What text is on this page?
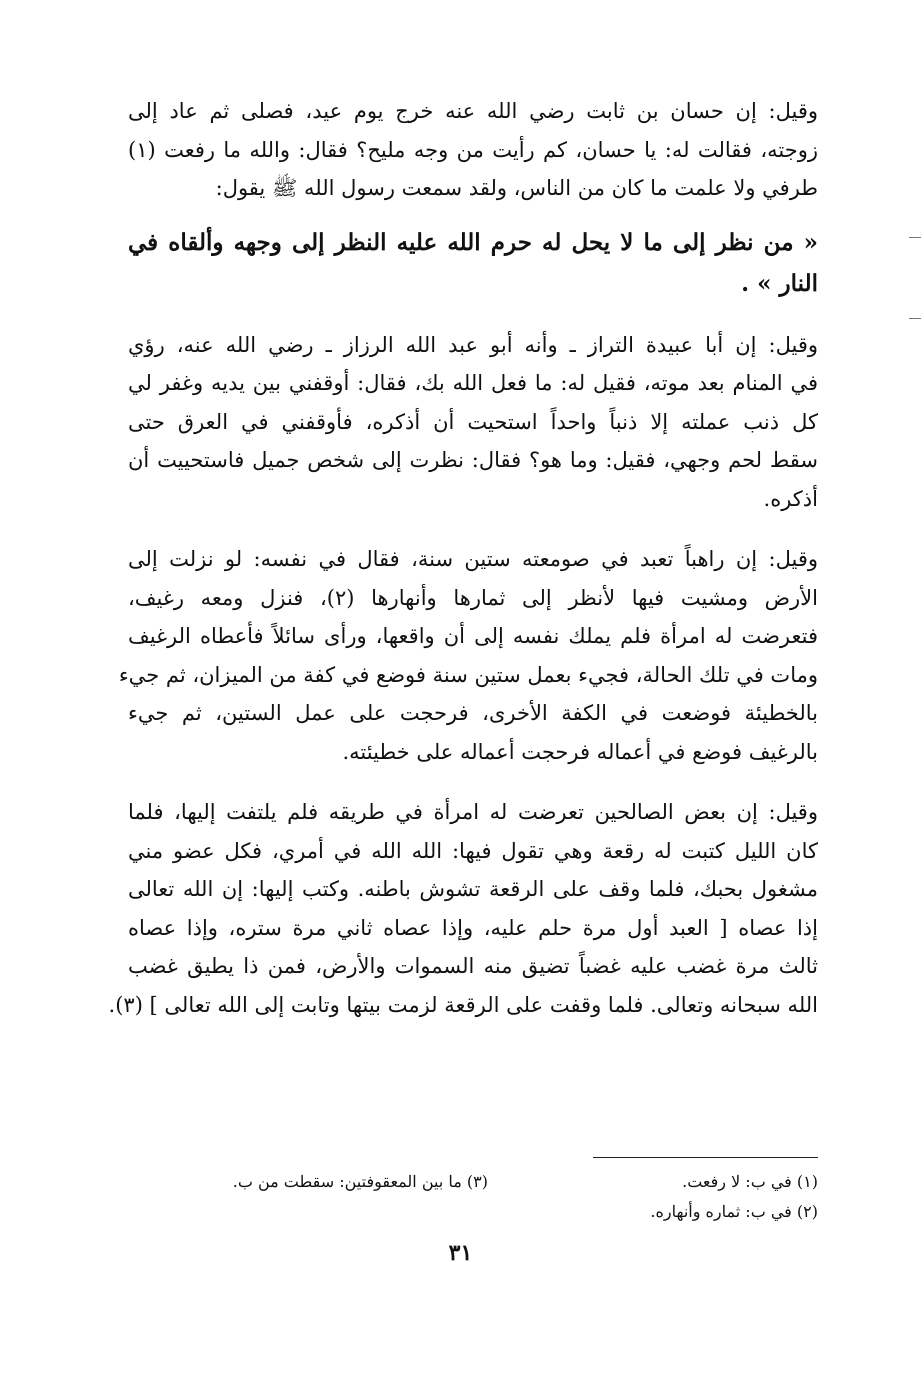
وقيل: إن حسان بن ثابت رضي الله عنه خرج يوم عيد، فصلى ثم عاد إلى
زوجته، فقالت له: يا حسان، كم رأيت من وجه مليح؟ فقال: والله ما رفعت (١)
طرفي ولا علمت ما كان من الناس، ولقد سمعت رسول الله ﷺ يقول:

« من نظر إلى ما لا يحل له حرم الله عليه النظر إلى وجهه وألقاه في
النار » .

وقيل: إن أبا عبيدة التراز ـ وأنه أبو عبد الله الرزاز ـ رضي الله عنه، رؤي
في المنام بعد موته، فقيل له: ما فعل الله بك، فقال: أوقفني بين يديه وغفر لي
كل ذنب عملته إلا ذنباً واحداً استحيت أن أذكره، فأوقفني في العرق حتى
سقط لحم وجهي، فقيل: وما هو؟ فقال: نظرت إلى شخص جميل فاستحييت أن
أذكره.

وقيل: إن راهباً تعبد في صومعته ستين سنة، فقال في نفسه: لو نزلت إلى
الأرض ومشيت فيها لأنظر إلى ثمارها وأنهارها (٢)، فنزل ومعه رغيف،
فتعرضت له امرأة فلم يملك نفسه إلى أن واقعها، ورأى سائلاً فأعطاه الرغيف
ومات في تلك الحالة، فجيء بعمل ستين سنة فوضع في كفة من الميزان، ثم جيء
بالخطيئة فوضعت في الكفة الأخرى، فرحجت على عمل الستين، ثم جيء
بالرغيف فوضع في أعماله فرحجت أعماله على خطيئته.

وقيل: إن بعض الصالحين تعرضت له امرأة في طريقه فلم يلتفت إليها، فلما
كان الليل كتبت له رقعة وهي تقول فيها: الله الله في أمري، فكل عضو مني
مشغول بحبك، فلما وقف على الرقعة تشوش باطنه. وكتب إليها: إن الله تعالى
إذا عصاه [ العبد أول مرة حلم عليه، وإذا عصاه ثاني مرة ستره، وإذا عصاه
ثالث مرة غضب عليه غضباً تضيق منه السموات والأرض، فمن ذا يطيق غضب
الله سبحانه وتعالى. فلما وقفت على الرقعة لزمت بيتها وتابت إلى الله تعالى ] (٣).

(١) في ب: لا رفعت.
(٣) ما بين المعقوفتين: سقطت من ب.
(٢) في ب: ثماره وأنهاره.
٣١
